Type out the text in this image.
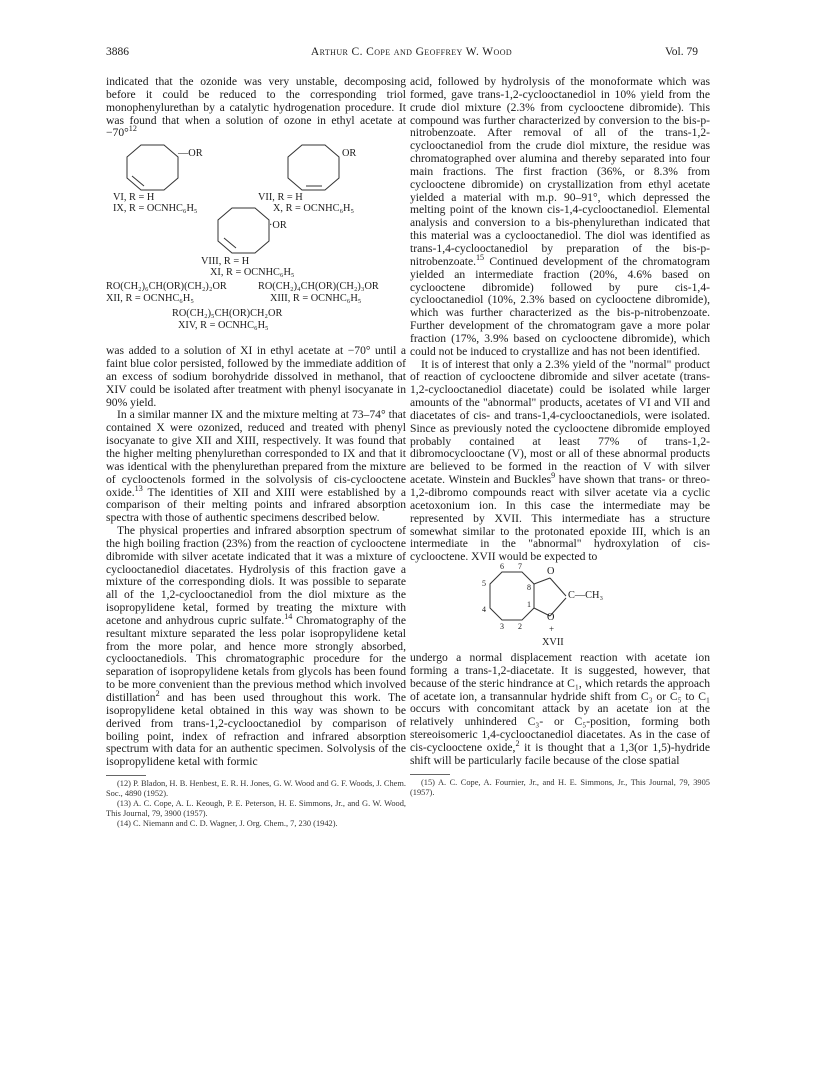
3886	Arthur C. Cope and Geoffrey W. Wood	Vol. 79

indicated that the ozonide was very unstable, decomposing before it could be reduced to the corresponding triol monophenylurethan by a catalytic hydrogenation procedure. It was found that when a solution of ozone in ethyl acetate at −70°$^{12}$

—OR	OR
·OR
VI, R = H
IX, R = OCNHC₆H₅
VII, R = H
X, R = OCNHC₆H₅
VIII, R = H
XI, R = OCNHC₆H₅
RO(CH₂)₆CH(OR)(CH₂)₂OR	RO(CH₂)₄CH(OR)(CH₂)₃OR
XII, R = OCNHC₆H₅	XIII, R = OCNHC₆H₅
RO(CH₂)₅CH(OR)CH₂OR
XIV, R = OCNHC₆H₅

was added to a solution of XI in ethyl acetate at −70° until a faint blue color persisted, followed by the immediate addition of an excess of sodium borohydride dissolved in methanol, that XIV could be isolated after treatment with phenyl isocyanate in 90% yield.

In a similar manner IX and the mixture melting at 73–74° that contained X were ozonized, reduced and treated with phenyl isocyanate to give XII and XIII, respectively. It was found that the higher melting phenylurethan corresponded to IX and that it was identical with the phenylurethan prepared from the mixture of cyclooctenols formed in the solvolysis of cis-cyclooctene oxide.$^{13}$ The identities of XII and XIII were established by a comparison of their melting points and infrared absorption spectra with those of authentic specimens described below.

The physical properties and infrared absorption spectrum of the high boiling fraction (23%) from the reaction of cyclooctene dibromide with silver acetate indicated that it was a mixture of cyclooctanediol diacetates. Hydrolysis of this fraction gave a mixture of the corresponding diols. It was possible to separate all of the 1,2-cyclooctanediol from the diol mixture as the isopropylidene ketal, formed by treating the mixture with acetone and anhydrous cupric sulfate.$^{14}$ Chromatography of the resultant mixture separated the less polar isopropylidene ketal from the more polar, and hence more strongly absorbed, cyclooctanediols. This chromatographic procedure for the separation of isopropylidene ketals from glycols has been found to be more convenient than the previous method which involved distillation$^2$ and has been used throughout this work. The isopropylidene ketal obtained in this way was shown to be derived from trans-1,2-cyclooctanediol by comparison of boiling point, index of refraction and infrared absorption spectrum with data for an authentic specimen. Solvolysis of the isopropylidene ketal with formic

(12) P. Bladon, H. B. Henbest, E. R. H. Jones, G. W. Wood and G. F. Woods, J. Chem. Soc., 4890 (1952).

(13) A. C. Cope, A. L. Keough, P. E. Peterson, H. E. Simmons, Jr., and G. W. Wood, This Journal, 79, 3900 (1957).

(14) C. Niemann and C. D. Wagner, J. Org. Chem., 7, 230 (1942).

acid, followed by hydrolysis of the monoformate which was formed, gave trans-1,2-cyclooctanediol in 10% yield from the crude diol mixture (2.3% from cyclooctene dibromide). This compound was further characterized by conversion to the bis-p-nitrobenzoate. After removal of all of the trans-1,2-cyclooctanediol from the crude diol mixture, the residue was chromatographed over alumina and thereby separated into four main fractions. The first fraction (36%, or 8.3% from cyclooctene dibromide) on crystallization from ethyl acetate yielded a material with m.p. 90–91°, which depressed the melting point of the known cis-1,4-cyclooctanediol. Elemental analysis and conversion to a bis-phenylurethan indicated that this material was a cyclooctanediol. The diol was identified as trans-1,4-cyclooctanediol by preparation of the bis-p-nitrobenzoate.$^{15}$ Continued development of the chromatogram yielded an intermediate fraction (20%, 4.6% based on cyclooctene dibromide) followed by pure cis-1,4-cyclooctanediol (10%, 2.3% based on cyclooctene dibromide), which was further characterized as the bis-p-nitrobenzoate. Further development of the chromatogram gave a more polar fraction (17%, 3.9% based on cyclooctene dibromide), which could not be induced to crystallize and has not been identified.

It is of interest that only a 2.3% yield of the "normal" product of reaction of cyclooctene dibromide and silver acetate (trans-1,2-cyclooctanediol diacetate) could be isolated while larger amounts of the "abnormal" products, acetates of VI and VII and diacetates of cis- and trans-1,4-cyclooctanediols, were isolated. Since as previously noted the cyclooctene dibromide employed probably contained at least 77% of trans-1,2-dibromocyclooctane (V), most or all of these abnormal products are believed to be formed in the reaction of V with silver acetate. Winstein and Buckles$^9$ have shown that trans- or threo-1,2-dibromo compounds react with silver acetate via a cyclic acetoxonium ion. In this case the intermediate may be represented by XVII. This intermediate has a structure somewhat similar to the protonated epoxide III, which is an intermediate in the "abnormal" hydroxylation of cis-cyclooctene. XVII would be expected to

6 7
5	8
1
4
3 2
O
O
+
C—CH₃
XVII

undergo a normal displacement reaction with acetate ion forming a trans-1,2-diacetate. It is suggested, however, that because of the steric hindrance at C₁, which retards the approach of acetate ion, a transannular hydride shift from C₃ or C₅ to C₁ occurs with concomitant attack by an acetate ion at the relatively unhindered C₃- or C₅-position, forming both stereoisomeric 1,4-cyclooctanediol diacetates. As in the case of cis-cyclooctene oxide,$^2$ it is thought that a 1,3(or 1,5)-hydride shift will be particularly facile because of the close spatial

(15) A. C. Cope, A. Fournier, Jr., and H. E. Simmons, Jr., This Journal, 79, 3905 (1957).
